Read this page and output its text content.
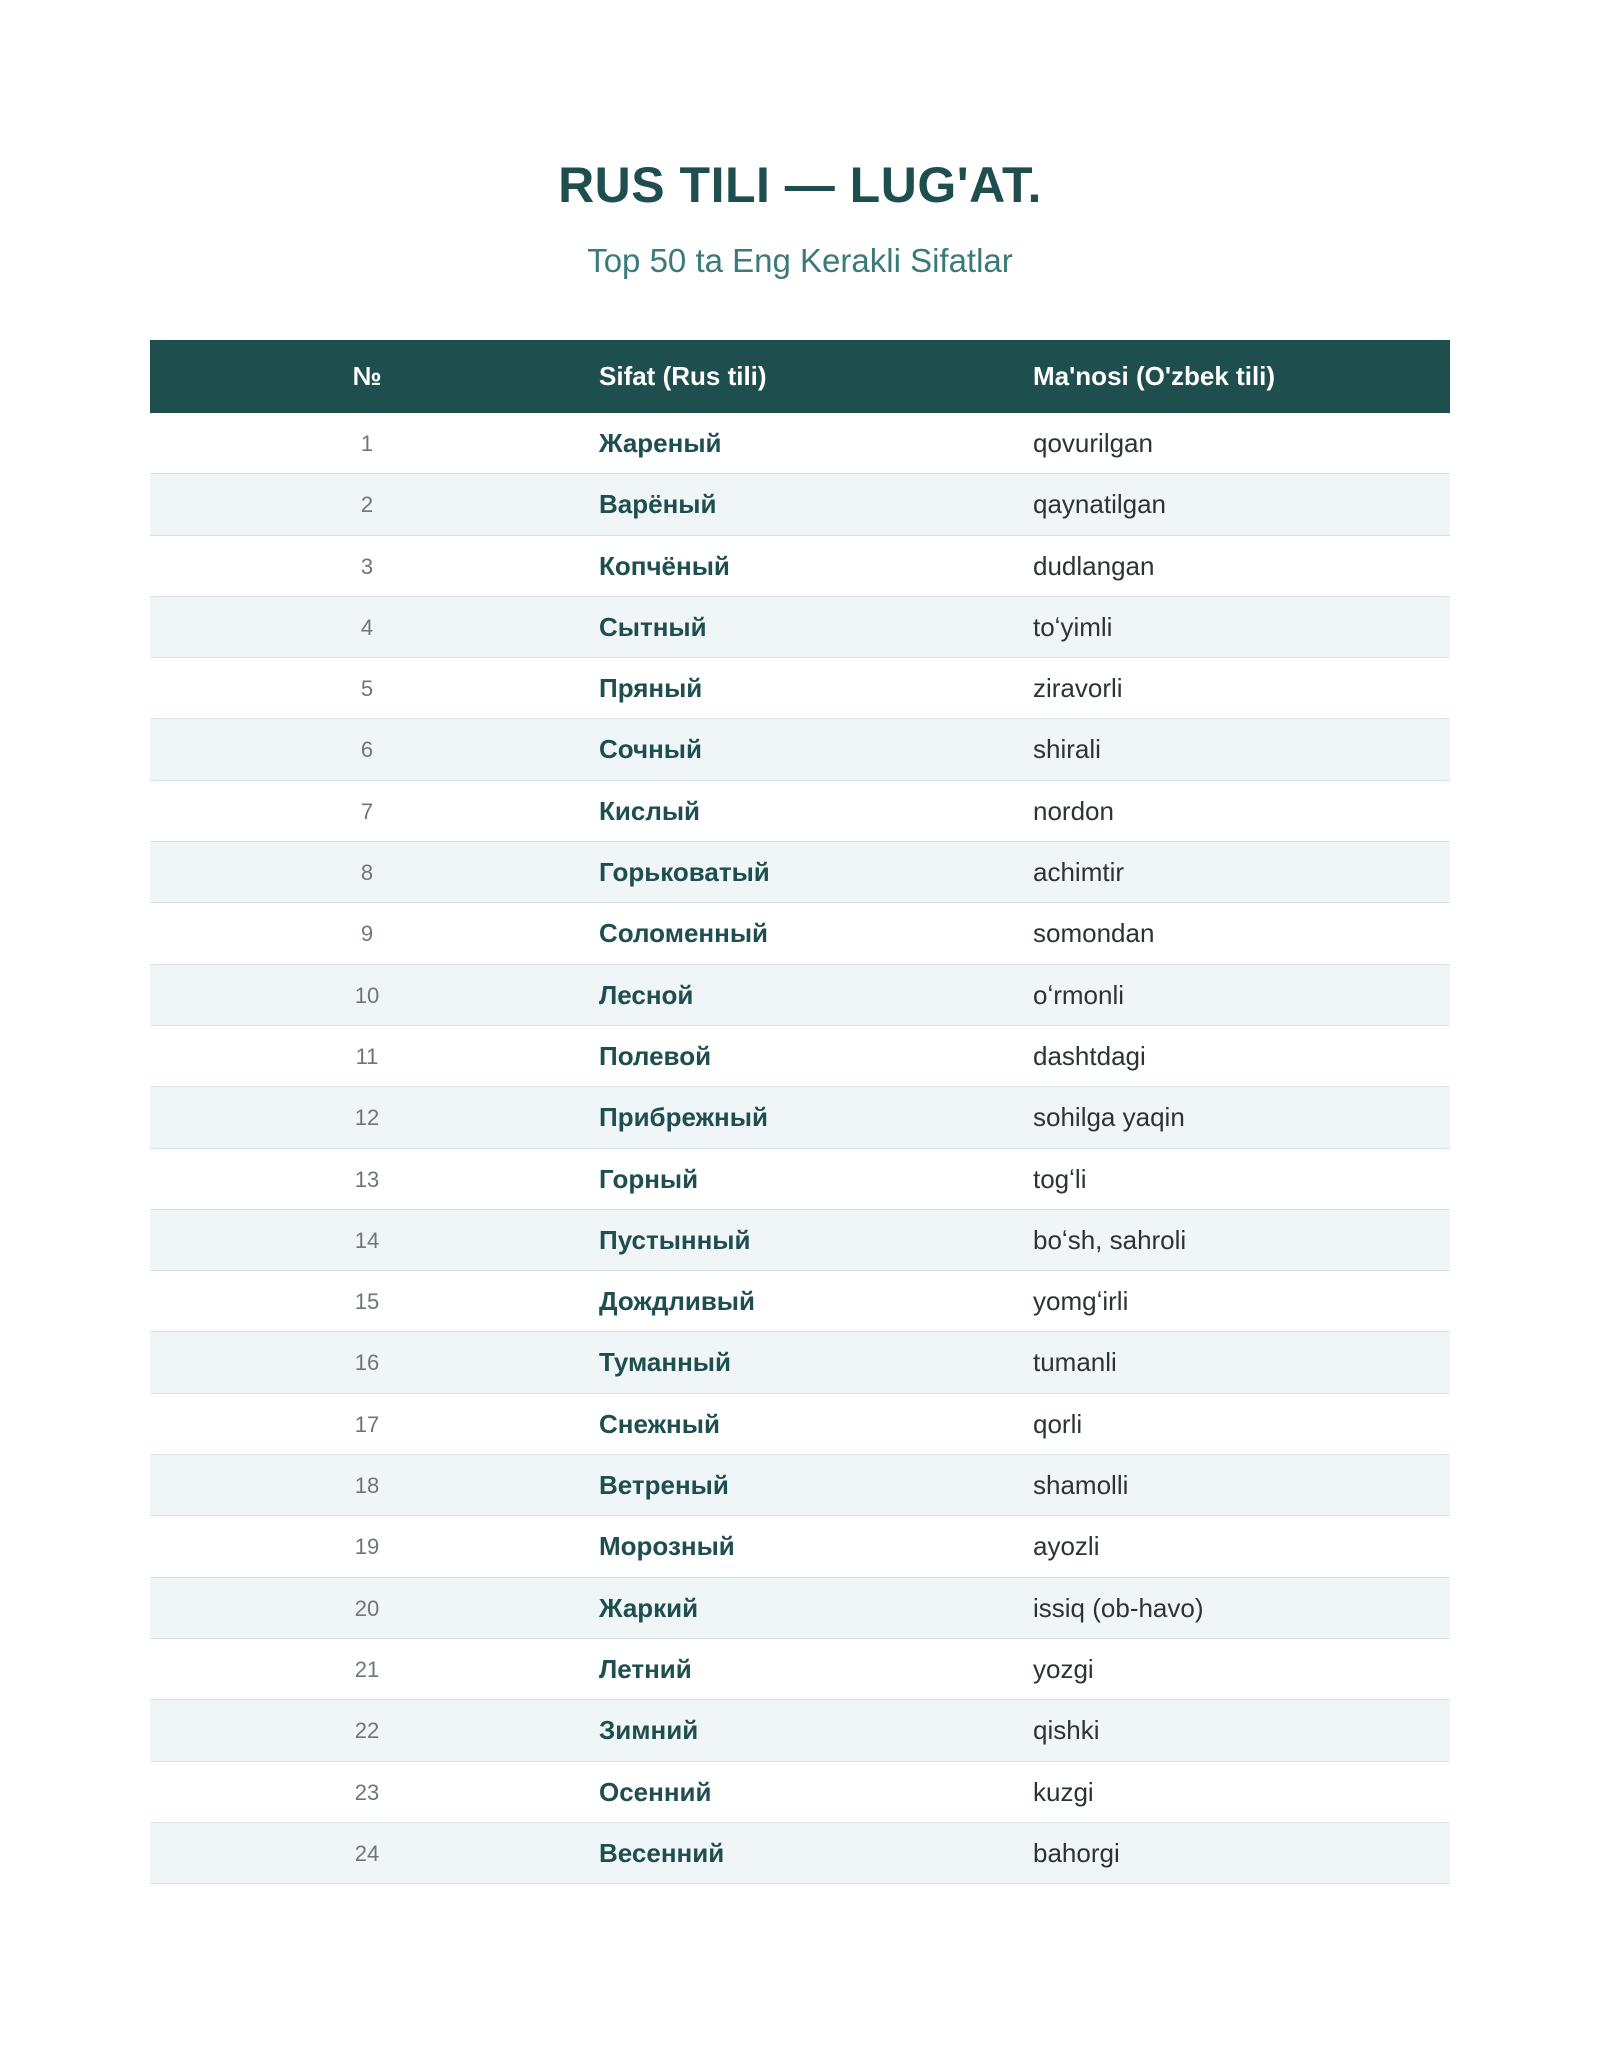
RUS TILI — LUG'AT.
Top 50 ta Eng Kerakli Sifatlar
№	Sifat (Rus tili)	Ma'nosi (O'zbek tili)
1	Жареный	qovurilgan
2	Варёный	qaynatilgan
3	Копчёный	dudlangan
4	Сытный	toʻyimli
5	Пряный	ziravorli
6	Сочный	shirali
7	Кислый	nordon
8	Горьковатый	achimtir
9	Соломенный	somondan
10	Лесной	oʻrmonli
11	Полевой	dashtdagi
12	Прибрежный	sohilga yaqin
13	Горный	togʻli
14	Пустынный	boʻsh, sahroli
15	Дождливый	yomgʻirli
16	Туманный	tumanli
17	Снежный	qorli
18	Ветреный	shamolli
19	Морозный	ayozli
20	Жаркий	issiq (ob-havo)
21	Летний	yozgi
22	Зимний	qishki
23	Осенний	kuzgi
24	Весенний	bahorgi
